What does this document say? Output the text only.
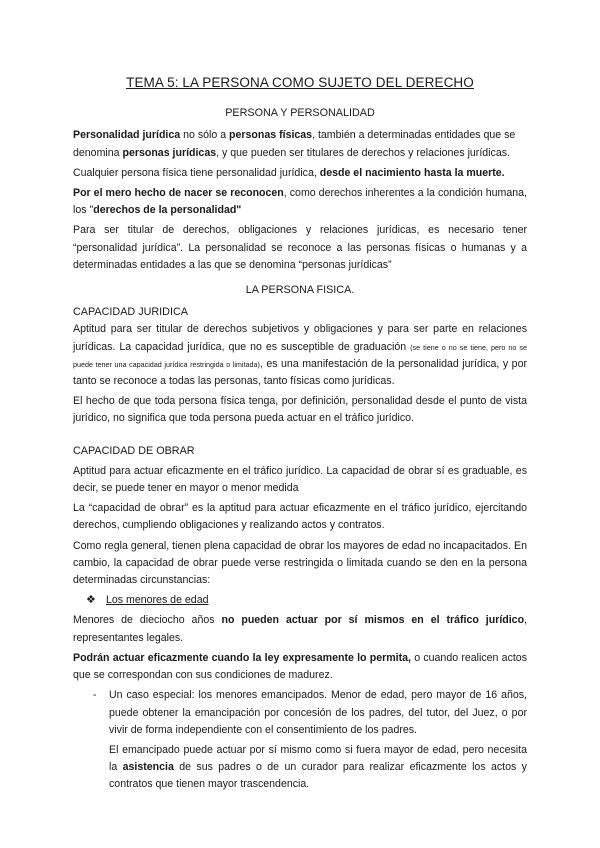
TEMA 5: LA PERSONA COMO SUJETO DEL DERECHO

PERSONA Y PERSONALIDAD

Personalidad jurídica no sólo a personas físicas, también a determinadas entidades que se denomina personas jurídicas, y que pueden ser titulares de derechos y relaciones jurídicas.

Cualquier persona física tiene personalidad jurídica, desde el nacimiento hasta la muerte.

Por el mero hecho de nacer se reconocen, como derechos inherentes a la condición humana, los "derechos de la personalidad"

Para ser titular de derechos, obligaciones y relaciones jurídicas, es necesario tener “personalidad jurídica”. La personalidad se reconoce a las personas físicas o humanas y a determinadas entidades a las que se denomina “personas jurídicas”

LA PERSONA FISICA.

CAPACIDAD JURIDICA

Aptitud para ser titular de derechos subjetivos y obligaciones y para ser parte en relaciones jurídicas. La capacidad jurídica, que no es susceptible de graduación (se tiene o no se tiene, pero no se puede tener una capacidad jurídica restringida o limitada), es una manifestación de la personalidad jurídica, y por tanto se reconoce a todas las personas, tanto físicas como jurídicas.

El hecho de que toda persona física tenga, por definición, personalidad desde el punto de vista jurídico, no significa que toda persona pueda actuar en el tráfico jurídico.

CAPACIDAD DE OBRAR

Aptitud para actuar eficazmente en el tráfico jurídico. La capacidad de obrar sí es graduable, es decir, se puede tener en mayor o menor medida

La “capacidad de obrar” es la aptitud para actuar eficazmente en el tráfico jurídico, ejercitando derechos, cumpliendo obligaciones y realizando actos y contratos.

Como regla general, tienen plena capacidad de obrar los mayores de edad no incapacitados. En cambio, la capacidad de obrar puede verse restringida o limitada cuando se den en la persona determinadas circunstancias:

❖ Los menores de edad

Menores de dieciocho años no pueden actuar por sí mismos en el tráfico jurídico, representantes legales.

Podrán actuar eficazmente cuando la ley expresamente lo permita, o cuando realicen actos que se correspondan con sus condiciones de madurez.

- Un caso especial: los menores emancipados. Menor de edad, pero mayor de 16 años, puede obtener la emancipación por concesión de los padres, del tutor, del Juez, o por vivir de forma independiente con el consentimiento de los padres.

El emancipado puede actuar por sí mismo como si fuera mayor de edad, pero necesita la asistencia de sus padres o de un curador para realizar eficazmente los actos y contratos que tienen mayor trascendencia.
